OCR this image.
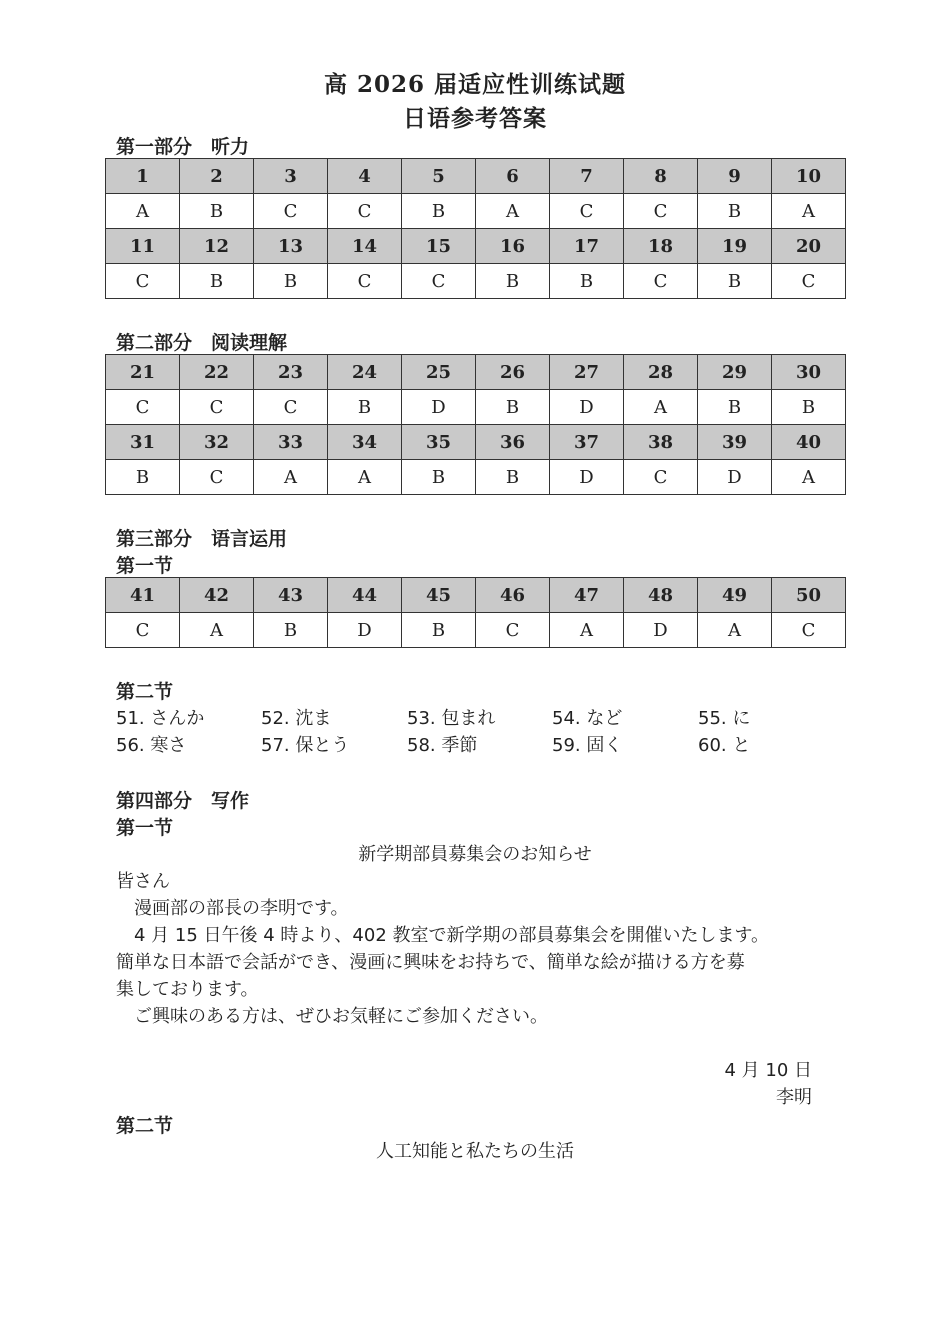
高 2026 届适应性训练试题
日语参考答案
第一部分　听力
1	2	3	4	5	6	7	8	9	10
A	B	C	C	B	A	C	C	B	A
11	12	13	14	15	16	17	18	19	20
C	B	B	C	C	B	B	C	B	C
第二部分　阅读理解
21	22	23	24	25	26	27	28	29	30
C	C	C	B	D	B	D	A	B	B
31	32	33	34	35	36	37	38	39	40
B	C	A	A	B	B	D	C	D	A
第三部分　语言运用
第一节
41	42	43	44	45	46	47	48	49	50
C	A	B	D	B	C	A	D	A	C
第二节
51. さんか	52. 沈ま	53. 包まれ	54. など	55. に
56. 寒さ	57. 保とう	58. 季節	59. 固く	60. と
第四部分　写作
第一节
新学期部員募集会のお知らせ
皆さん
　漫画部の部長の李明です。
　4 月 15 日午後 4 時より、402 教室で新学期の部員募集会を開催いたします。
簡単な日本語で会話ができ、漫画に興味をお持ちで、簡単な絵が描ける方を募
集しております。
　ご興味のある方は、ぜひお気軽にご参加ください。
4 月 10 日
李明
第二节
人工知能と私たちの生活
